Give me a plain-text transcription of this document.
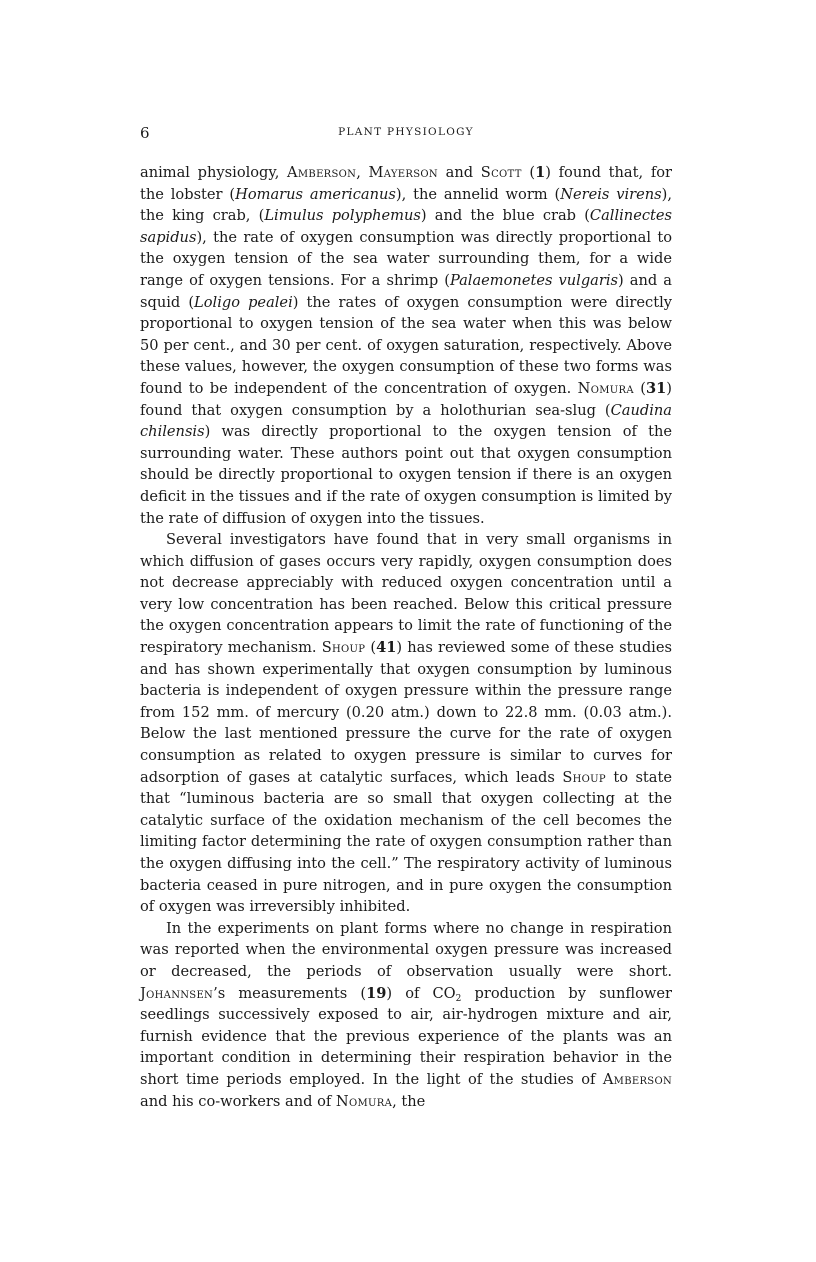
6	PLANT PHYSIOLOGY

animal physiology, Amberson, Mayerson and Scott (1) found that, for the lobster (Homarus americanus), the annelid worm (Nereis virens), the king crab, (Limulus polyphemus) and the blue crab (Callinectes sapidus), the rate of oxygen consumption was directly proportional to the oxygen tension of the sea water surrounding them, for a wide range of oxygen tensions. For a shrimp (Palaemonetes vulgaris) and a squid (Loligo pealei) the rates of oxygen consumption were directly proportional to oxygen tension of the sea water when this was below 50 per cent., and 30 per cent. of oxygen saturation, respectively. Above these values, however, the oxygen consumption of these two forms was found to be independent of the concentration of oxygen. Nomura (31) found that oxygen consumption by a holothurian sea-slug (Caudina chilensis) was directly proportional to the oxygen tension of the surrounding water. These authors point out that oxygen consumption should be directly proportional to oxygen tension if there is an oxygen deficit in the tissues and if the rate of oxygen consumption is limited by the rate of diffusion of oxygen into the tissues.

Several investigators have found that in very small organisms in which diffusion of gases occurs very rapidly, oxygen consumption does not decrease appreciably with reduced oxygen concentration until a very low concentration has been reached. Below this critical pressure the oxygen concentration appears to limit the rate of functioning of the respiratory mechanism. Shoup (41) has reviewed some of these studies and has shown experimentally that oxygen consumption by luminous bacteria is independent of oxygen pressure within the pressure range from 152 mm. of mercury (0.20 atm.) down to 22.8 mm. (0.03 atm.). Below the last mentioned pressure the curve for the rate of oxygen consumption as related to oxygen pressure is similar to curves for adsorption of gases at catalytic surfaces, which leads Shoup to state that “luminous bacteria are so small that oxygen collecting at the catalytic surface of the oxidation mechanism of the cell becomes the limiting factor determining the rate of oxygen consumption rather than the oxygen diffusing into the cell.” The respiratory activity of luminous bacteria ceased in pure nitrogen, and in pure oxygen the consumption of oxygen was irreversibly inhibited.

In the experiments on plant forms where no change in respiration was reported when the environmental oxygen pressure was increased or decreased, the periods of observation usually were short. Johannsen’s measurements (19) of $CO_2$ production by sunflower seedlings successively exposed to air, air-hydrogen mixture and air, furnish evidence that the previous experience of the plants was an important condition in determining their respiration behavior in the short time periods employed. In the light of the studies of Amberson and his co-workers and of Nomura, the
